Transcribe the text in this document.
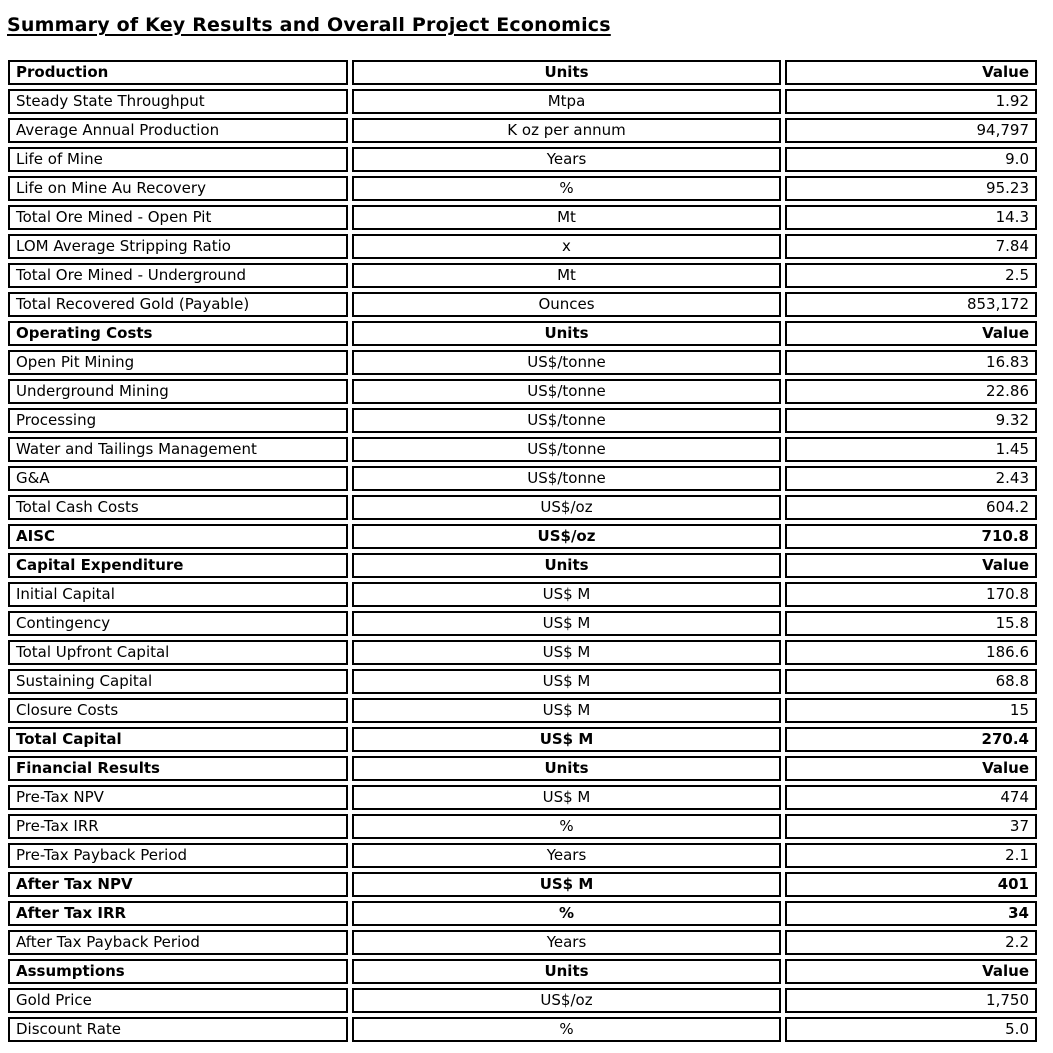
Summary of Key Results and Overall Project Economics
Production	Units	Value
Steady State Throughput	Mtpa	1.92
Average Annual Production	K oz per annum	94,797
Life of Mine	Years	9.0
Life on Mine Au Recovery	%	95.23
Total Ore Mined - Open Pit	Mt	14.3
LOM Average Stripping Ratio	x	7.84
Total Ore Mined - Underground	Mt	2.5
Total Recovered Gold (Payable)	Ounces	853,172
Operating Costs	Units	Value
Open Pit Mining	US$/tonne	16.83
Underground Mining	US$/tonne	22.86
Processing	US$/tonne	9.32
Water and Tailings Management	US$/tonne	1.45
G&A	US$/tonne	2.43
Total Cash Costs	US$/oz	604.2
AISC	US$/oz	710.8
Capital Expenditure	Units	Value
Initial Capital	US$ M	170.8
Contingency	US$ M	15.8
Total Upfront Capital	US$ M	186.6
Sustaining Capital	US$ M	68.8
Closure Costs	US$ M	15
Total Capital	US$ M	270.4
Financial Results	Units	Value
Pre-Tax NPV	US$ M	474
Pre-Tax IRR	%	37
Pre-Tax Payback Period	Years	2.1
After Tax NPV	US$ M	401
After Tax IRR	%	34
After Tax Payback Period	Years	2.2
Assumptions	Units	Value
Gold Price	US$/oz	1,750
Discount Rate	%	5.0
